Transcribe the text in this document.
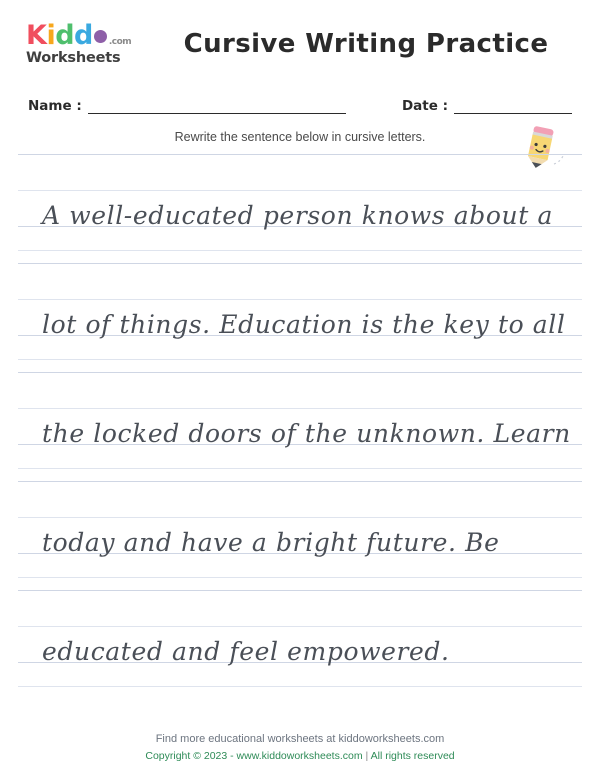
K i d d .com
Worksheets	Cursive Writing Practice
Name :	Date :
Rewrite the sentence below in cursive letters.
A well-educated person knows about a
lot of things. Education is the key to all
the locked doors of the unknown. Learn
today and have a bright future. Be
educated and feel empowered.
Find more educational worksheets at kiddoworksheets.com
Copyright © 2023 - www.kiddoworksheets.com | All rights reserved
